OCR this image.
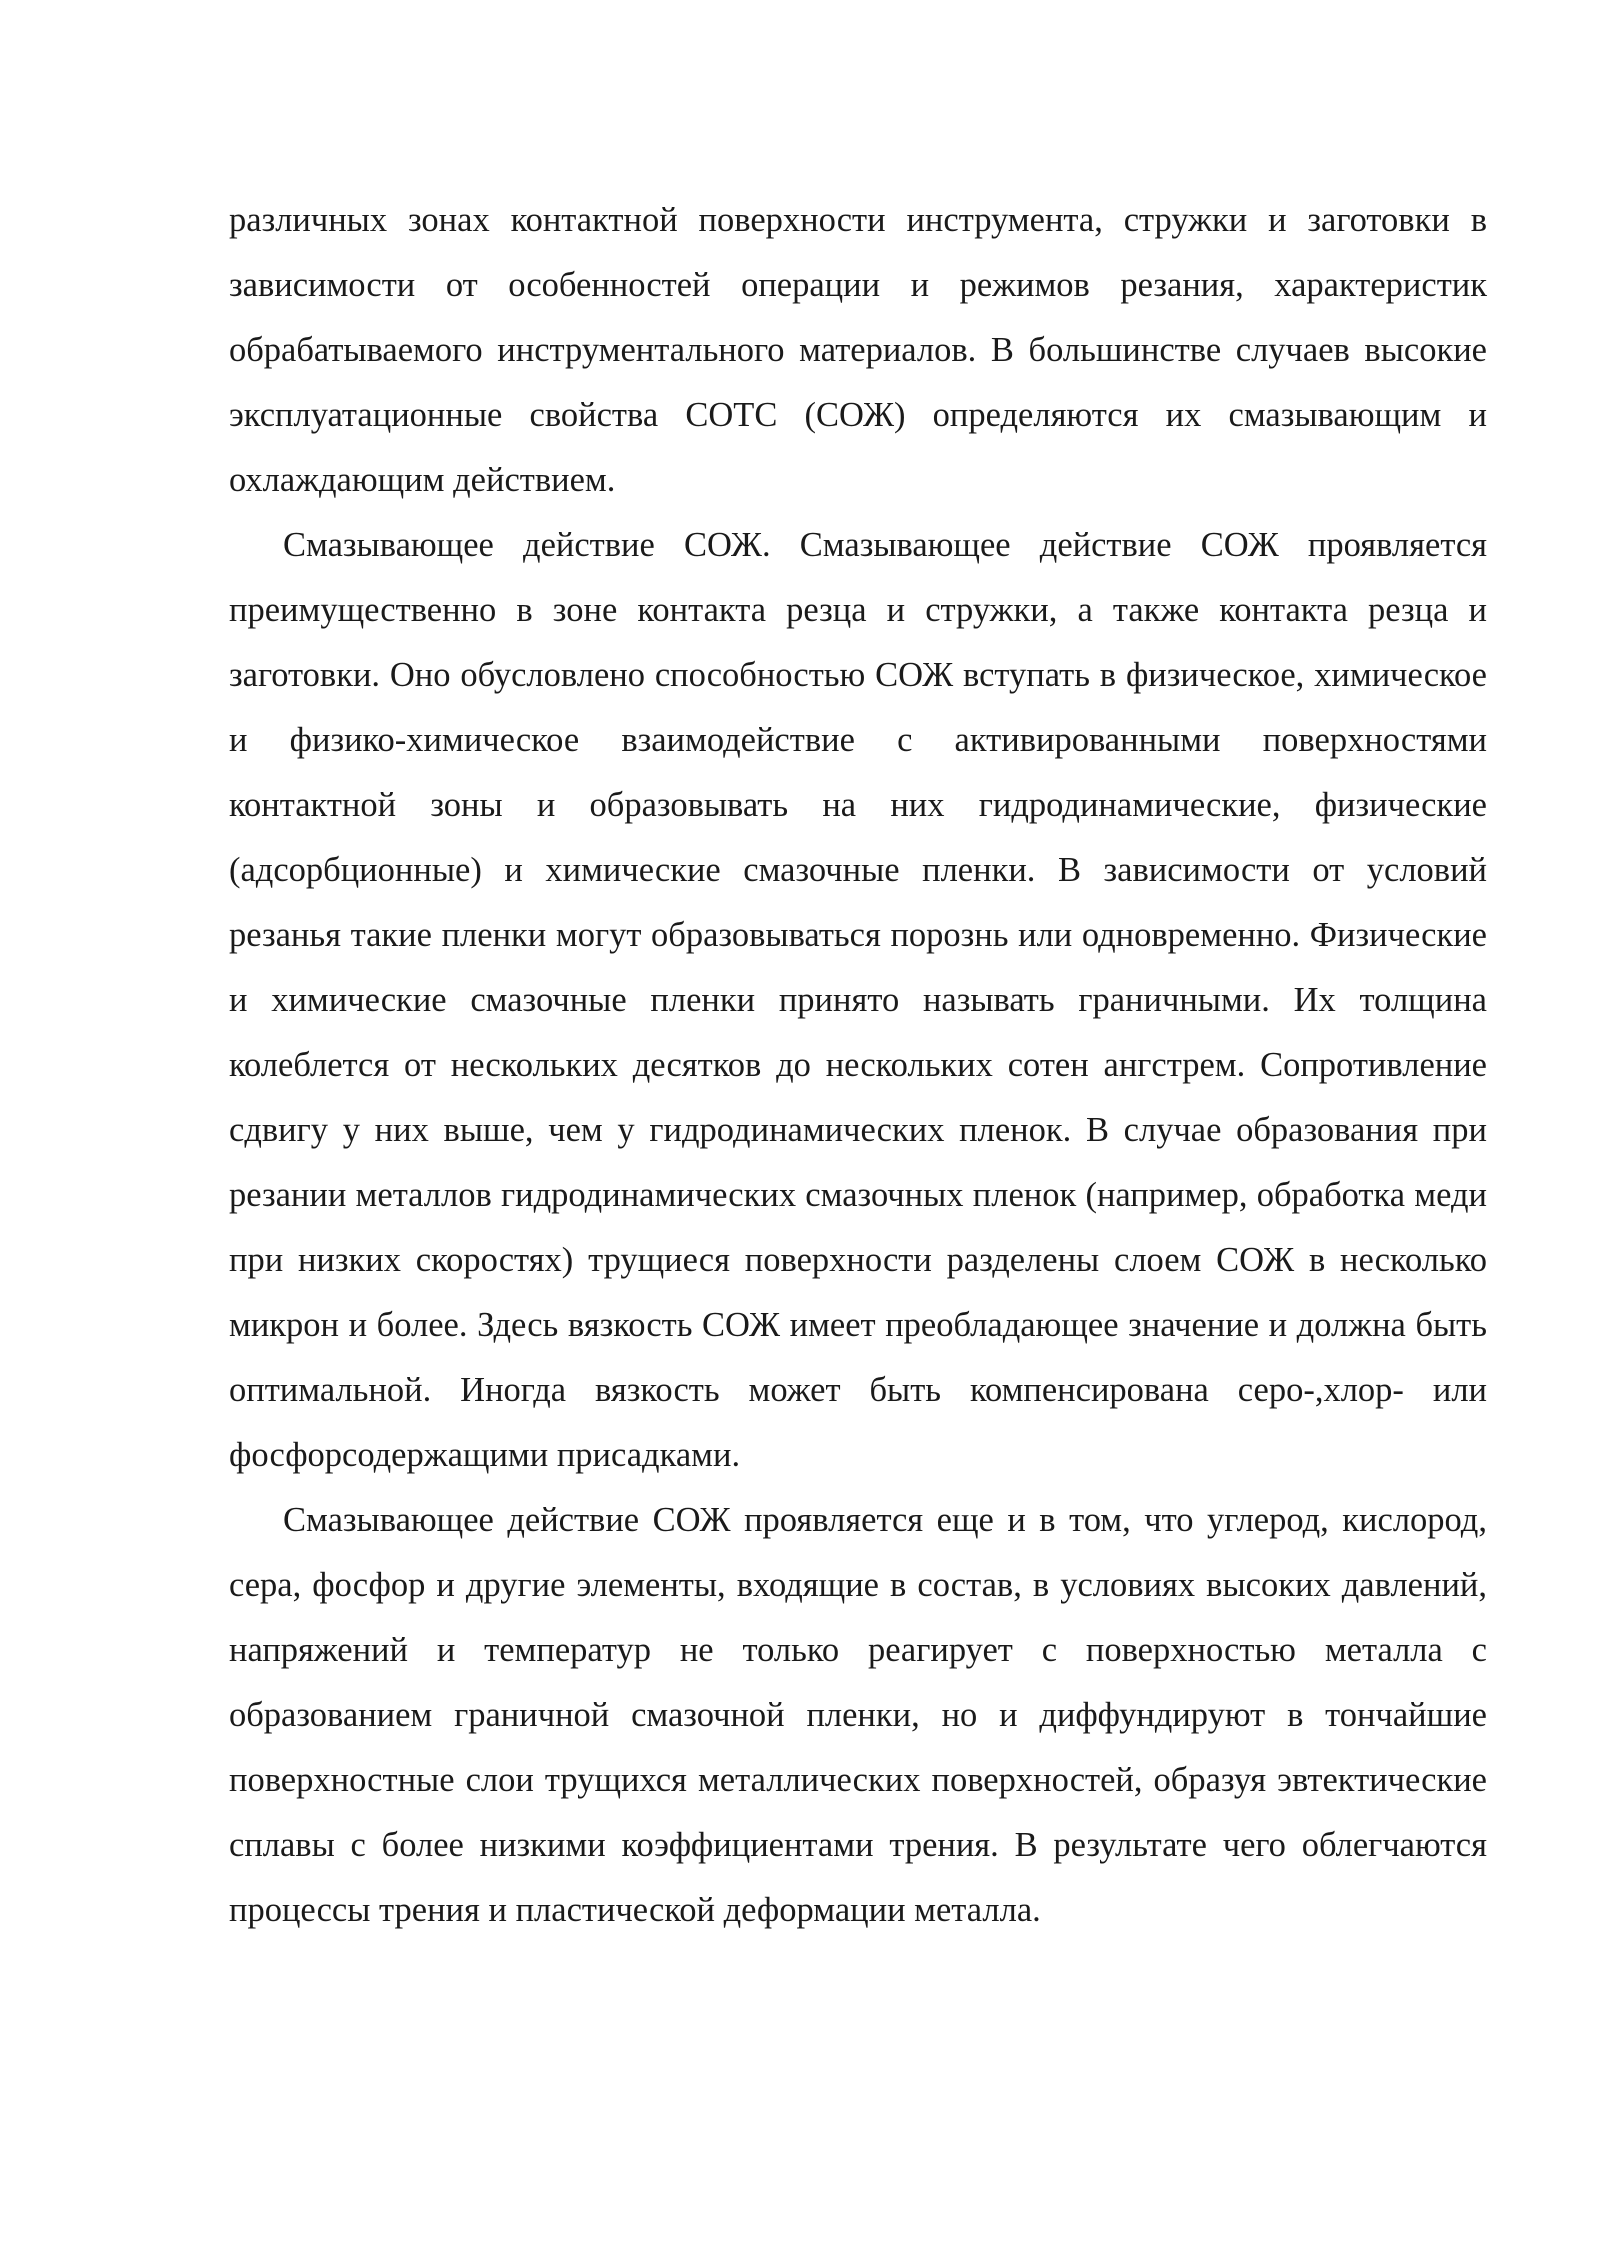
различных зонах контактной поверхности инструмента, стружки и заготовки в зависимости от особенностей операции и режимов резания, характеристик обрабатываемого инструментального материалов. В большинстве случаев высокие эксплуатационные свойства СОТС (СОЖ) определяются их смазывающим и охлаждающим действием.

Смазывающее действие СОЖ. Смазывающее действие СОЖ проявляется преимущественно в зоне контакта резца и стружки, а также контакта резца и заготовки. Оно обусловлено способностью СОЖ вступать в физическое, химическое и физико-химическое взаимодействие с активированными поверхностями контактной зоны и образовывать на них гидродинамические, физические (адсорбционные) и химические смазочные пленки. В зависимости от условий резанья такие пленки могут образовываться порознь или одновременно. Физические и химические смазочные пленки принято называть граничными. Их толщина колеблется от нескольких десятков до нескольких сотен ангстрем. Сопротивление сдвигу у них выше, чем у гидродинамических пленок. В случае образования при резании металлов гидродинамических смазочных пленок (например, обработка меди при низких скоростях) трущиеся поверхности разделены слоем СОЖ в несколько микрон и более. Здесь вязкость СОЖ имеет преобладающее значение и должна быть оптимальной. Иногда вязкость может быть компенсирована серо-,хлор- или фосфорсодержащими присадками.

Смазывающее действие СОЖ проявляется еще и в том, что углерод, кислород, сера, фосфор и другие элементы, входящие в состав, в условиях высоких давлений, напряжений и температур не только реагирует с поверхностью металла с образованием граничной смазочной пленки, но и диффундируют в тончайшие поверхностные слои трущихся металлических поверхностей, образуя эвтектические сплавы с более низкими коэффициентами трения. В результате чего облегчаются процессы трения и пластической деформации металла.
